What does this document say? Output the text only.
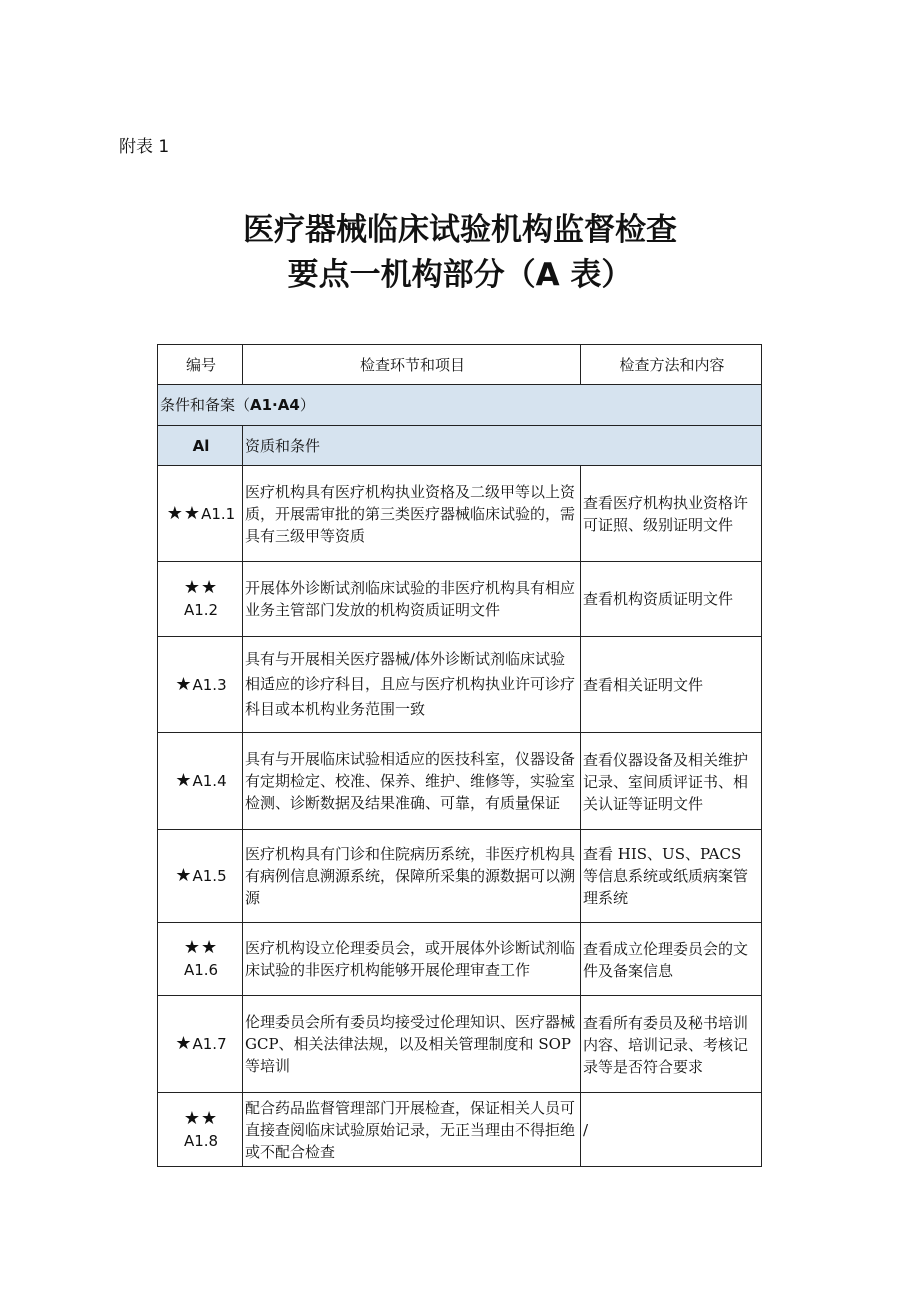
附表 1
医疗器械临床试验机构监督检查
要点一机构部分（A 表）
编号	检查环节和项目	检查方法和内容
条件和备案（A1·A4）		
Al	资质和条件	
★★A1.1	医疗机构具有医疗机构执业资格及二级甲等以上资质，开展需审批的第三类医疗器械临床试验的，需具有三级甲等资质	查看医疗机构执业资格许可证照、级别证明文件

★★
A1.2	开展体外诊断试剂临床试验的非医疗机构具有相应业务主管部门发放的机构资质证明文件	查看机构资质证明文件
★A1.3	具有与开展相关医疗器械/体外诊断试剂临床试验相适应的诊疗科目，且应与医疗机构执业许可诊疗科目或本机构业务范围一致	查看相关证明文件
★A1.4	具有与开展临床试验相适应的医技科室，仪器设备有定期检定、校准、保养、维护、维修等，实验室检测、诊断数据及结果准确、可靠，有质量保证	查看仪器设备及相关维护记录、室间质评证书、相关认证等证明文件
★A1.5	医疗机构具有门诊和住院病历系统，非医疗机构具有病例信息溯源系统，保障所采集的源数据可以溯源	查看 HIS、US、PACS 等信息系统或纸质病案管理系统

★★
A1.6	医疗机构设立伦理委员会，或开展体外诊断试剂临床试验的非医疗机构能够开展伦理审查工作	查看成立伦理委员会的文件及备案信息
★A1.7	伦理委员会所有委员均接受过伦理知识、医疗器械 GCP、相关法律法规，以及相关管理制度和 SOP 等培训	查看所有委员及秘书培训内容、培训记录、考核记录等是否符合要求

★★
A1.8	配合药品监督管理部门开展检查，保证相关人员可直接查阅临床试验原始记录，无正当理由不得拒绝或不配合检查	/
